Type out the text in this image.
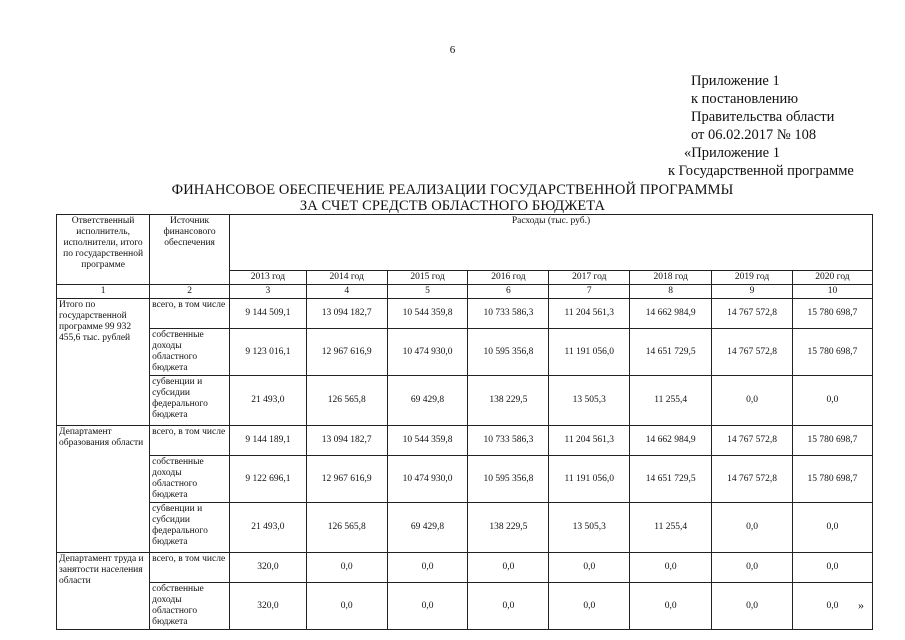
6
Приложение 1
к постановлению
Правительства области
от 06.02.2017 № 108
«Приложение 1
к Государственной программе
ФИНАНСОВОЕ ОБЕСПЕЧЕНИЕ РЕАЛИЗАЦИИ ГОСУДАРСТВЕННОЙ ПРОГРАММЫ
ЗА СЧЕТ СРЕДСТВ ОБЛАСТНОГО БЮДЖЕТА
Ответственный исполнитель, исполнители, итого по государственной программе	Источник финансового обеспечения	Расходы (тыс. руб.)							
		2013 год	2014 год	2015 год	2016 год	2017 год	2018 год	2019 год	2020 год
1	2	3	4	5	6	7	8	9	10
Итого по государственной программе 99 932 455,6 тыс. рублей	всего, в том числе	9 144 509,1	13 094 182,7	10 544 359,8	10 733 586,3	11 204 561,3	14 662 984,9	14 767 572,8	15 780 698,7
	собственные доходы областного бюджета	9 123 016,1	12 967 616,9	10 474 930,0	10 595 356,8	11 191 056,0	14 651 729,5	14 767 572,8	15 780 698,7
	субвенции и субсидии федерального бюджета	21 493,0	126 565,8	69 429,8	138 229,5	13 505,3	11 255,4	0,0	0,0
Департамент образования области	всего, в том числе	9 144 189,1	13 094 182,7	10 544 359,8	10 733 586,3	11 204 561,3	14 662 984,9	14 767 572,8	15 780 698,7
	собственные доходы областного бюджета	9 122 696,1	12 967 616,9	10 474 930,0	10 595 356,8	11 191 056,0	14 651 729,5	14 767 572,8	15 780 698,7
	субвенции и субсидии федерального бюджета	21 493,0	126 565,8	69 429,8	138 229,5	13 505,3	11 255,4	0,0	0,0
Департамент труда и занятости населения области	всего, в том числе	320,0	0,0	0,0	0,0	0,0	0,0	0,0	0,0
	собственные доходы областного бюджета	320,0	0,0	0,0	0,0	0,0	0,0	0,0	0,0 »
